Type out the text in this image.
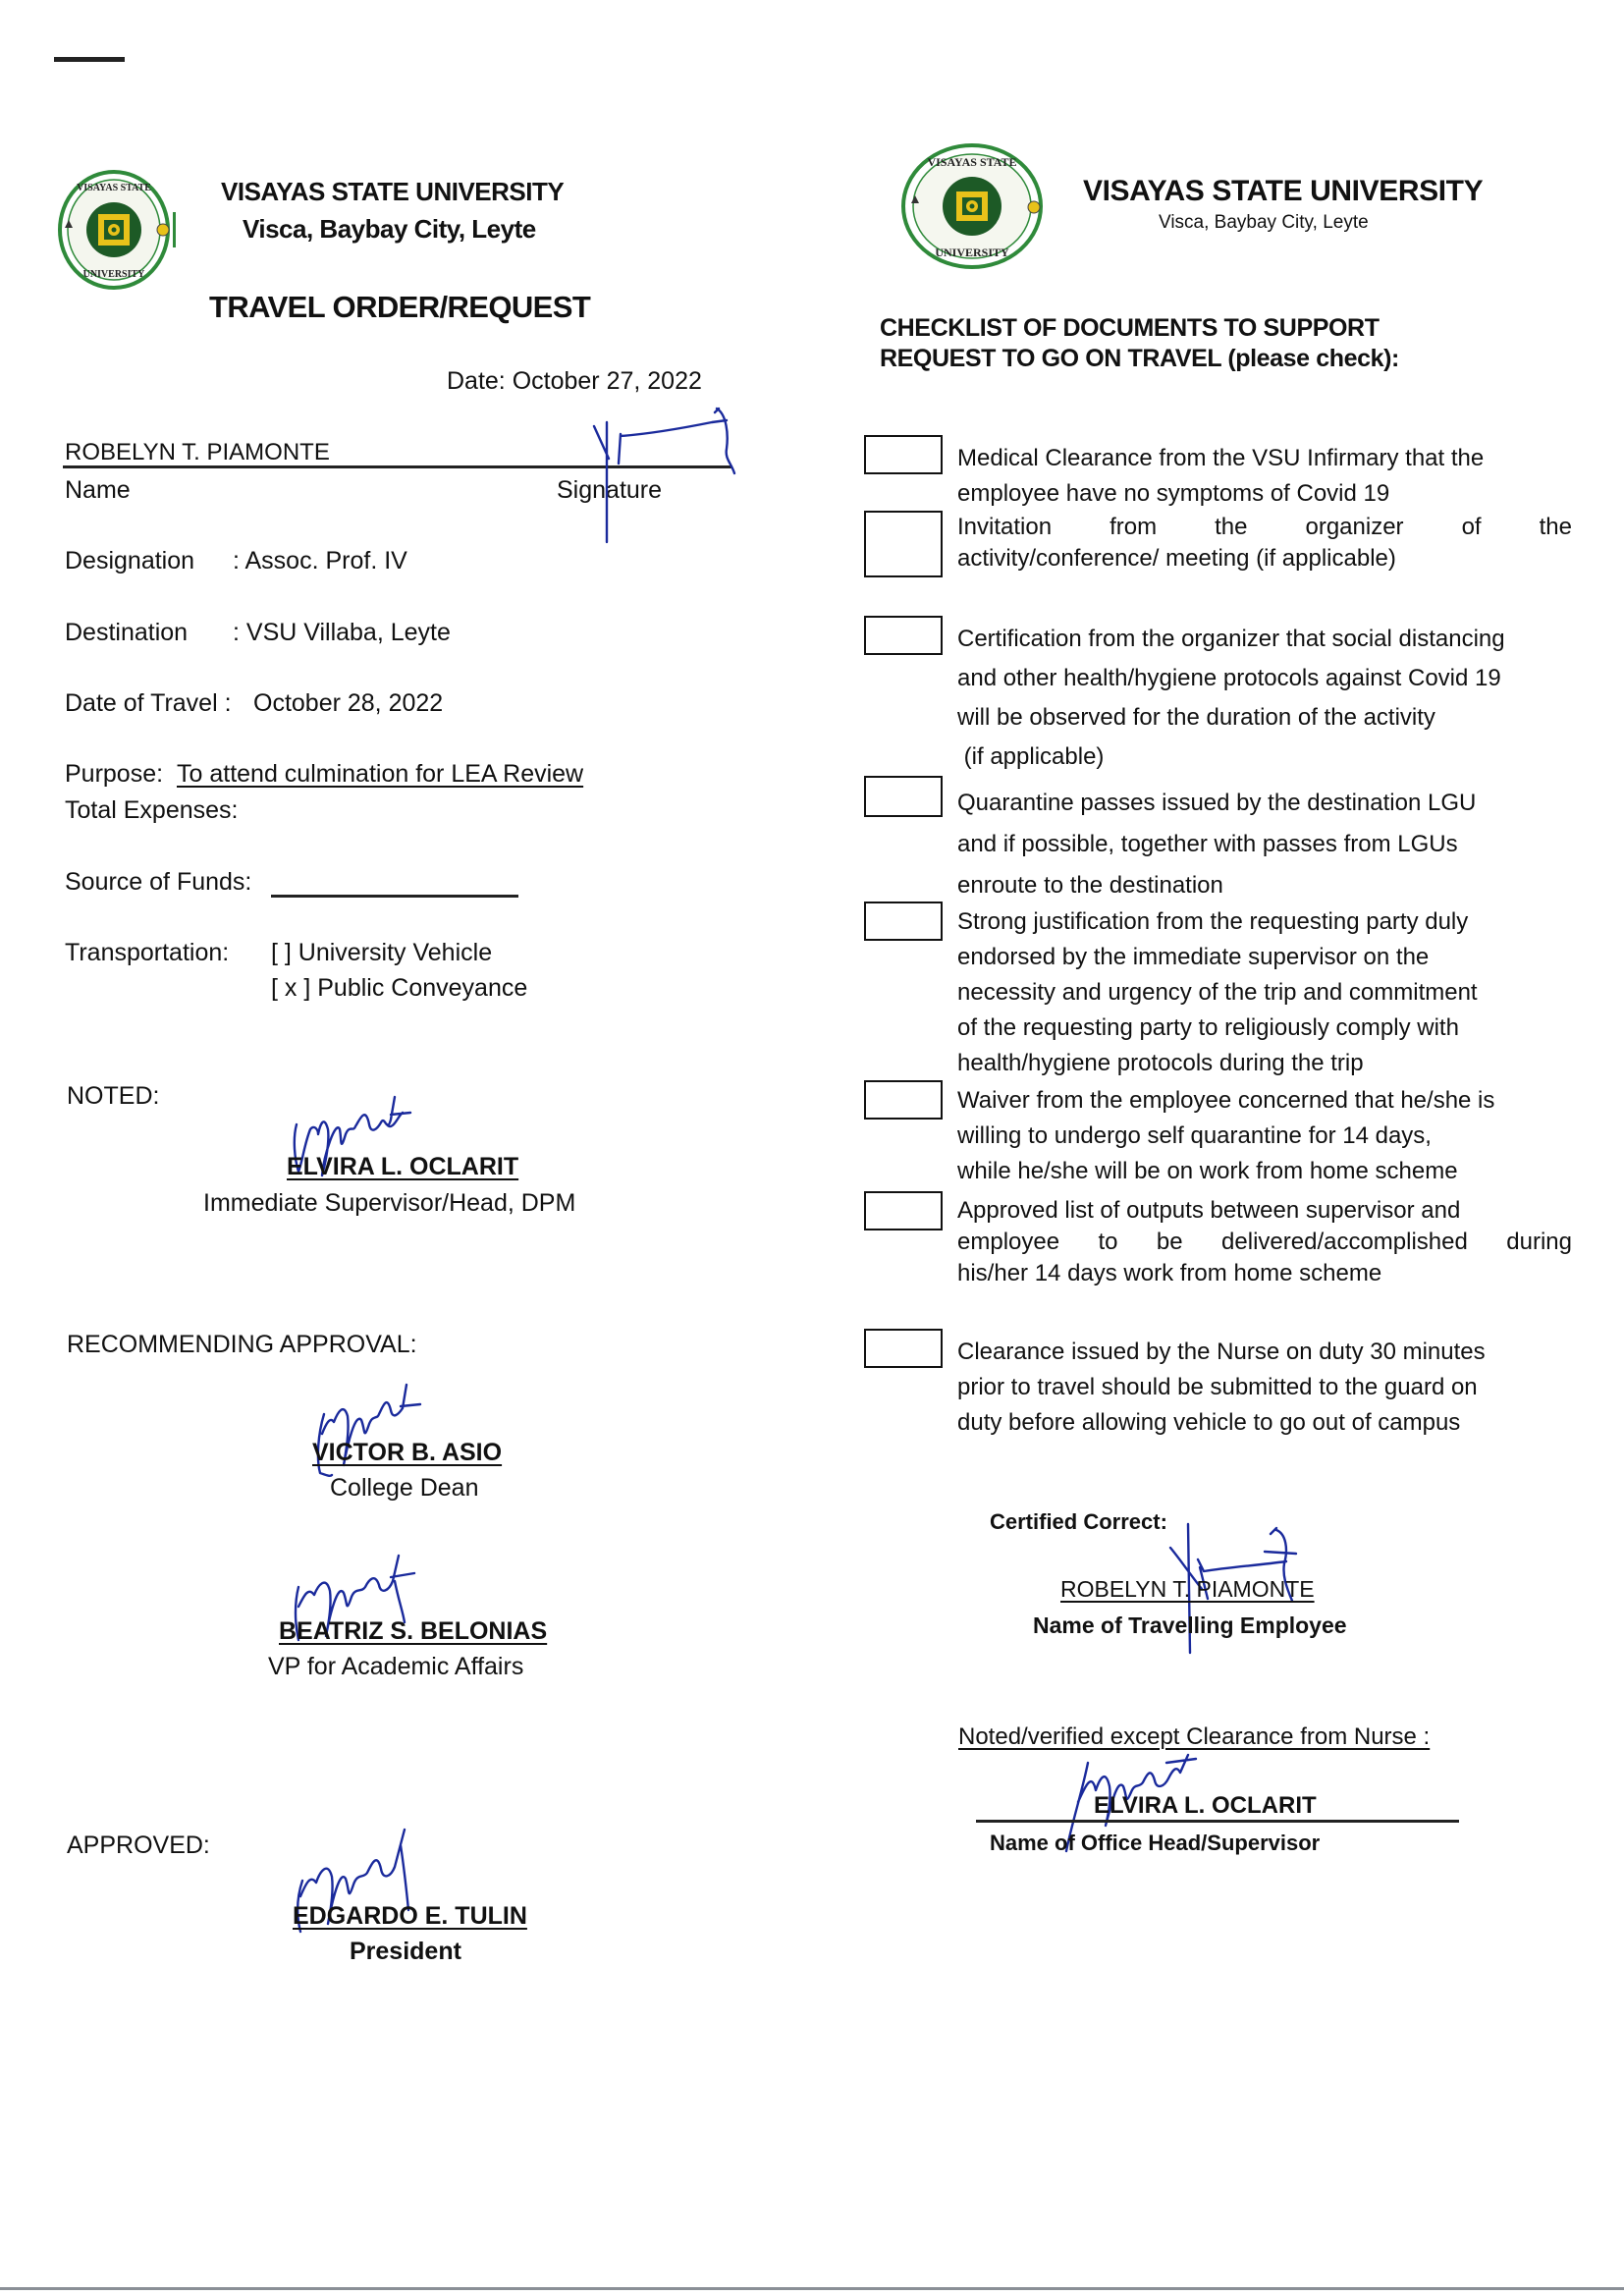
VISAYAS STATE
UNIVERSITY
VISAYAS STATE UNIVERSITY
Visca, Baybay City, Leyte
TRAVEL ORDER/REQUEST
Date: October 27, 2022
ROBELYN T. PIAMONTE
Name	Signature
Designation : Assoc. Prof. IV
Destination : VSU Villaba, Leyte
Date of Travel : October 28, 2022
Purpose: To attend culmination for LEA Review
Total Expenses:
Source of Funds:
Transportation: [ ] University Vehicle
[ x ] Public Conveyance
NOTED:
ELVIRA L. OCLARIT
Immediate Supervisor/Head, DPM
RECOMMENDING APPROVAL:
VICTOR B. ASIO
College Dean
BEATRIZ S. BELONIAS
VP for Academic Affairs
APPROVED:
EDGARDO E. TULIN
President
VISAYAS STATE
UNIVERSITY
VISAYAS STATE UNIVERSITY
Visca, Baybay City, Leyte
CHECKLIST OF DOCUMENTS TO SUPPORT
REQUEST TO GO ON TRAVEL (please check):
Medical Clearance from the VSU Infirmary that the
employee have no symptoms of Covid 19
Invitation from the organizer of the
activity/conference/ meeting (if applicable)
Certification from the organizer that social distancing
and other health/hygiene protocols against Covid 19
will be observed for the duration of the activity
(if applicable)
Quarantine passes issued by the destination LGU
and if possible, together with passes from LGUs
enroute to the destination
Strong justification from the requesting party duly
endorsed by the immediate supervisor on the
necessity and urgency of the trip and commitment
of the requesting party to religiously comply with
health/hygiene protocols during the trip
Waiver from the employee concerned that he/she is
willing to undergo self quarantine for 14 days,
while he/she will be on work from home scheme
Approved list of outputs between supervisor and
employee to be delivered/accomplished during
his/her 14 days work from home scheme
Clearance issued by the Nurse on duty 30 minutes
prior to travel should be submitted to the guard on
duty before allowing vehicle to go out of campus
Certified Correct:
ROBELYN T. PIAMONTE
Name of Travelling Employee
Noted/verified except Clearance from Nurse :
ELVIRA L. OCLARIT
Name of Office Head/Supervisor
